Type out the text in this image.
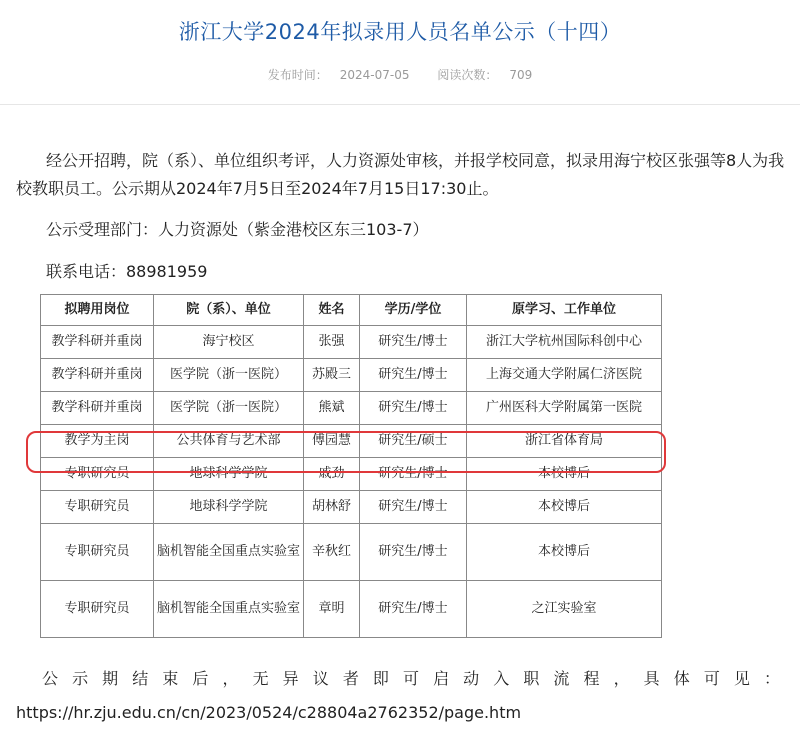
浙江大学2024年拟录用人员名单公示（十四）
发布时间： 2024-07-05 阅读次数： 709
经公开招聘，院（系）、单位组织考评，人力资源处审核，并报学校同意，拟录用海宁校区张强等8人为我校教职员工。公示期从2024年7月5日至2024年7月15日17:30止。
公示受理部门：人力资源处（紫金港校区东三103-7）
联系电话：88981959
拟聘用岗位	院（系）、单位	姓名	学历/学位	原学习、工作单位
教学科研并重岗	海宁校区	张强	研究生/博士	浙江大学杭州国际科创中心
教学科研并重岗	医学院（浙一医院）	苏殿三	研究生/博士	上海交通大学附属仁济医院
教学科研并重岗	医学院（浙一医院）	熊斌	研究生/博士	广州医科大学附属第一医院
教学为主岗	公共体育与艺术部	傅园慧	研究生/硕士	浙江省体育局
专职研究员	地球科学学院	戚劲	研究生/博士	本校博后
专职研究员	地球科学学院	胡林舒	研究生/博士	本校博后
专职研究员	脑机智能全国重点实验室	辛秋红	研究生/博士	本校博后
专职研究员	脑机智能全国重点实验室	章明	研究生/博士	之江实验室
公示期结束后，无异议者即可启动入职流程，具体可见：
https://hr.zju.edu.cn/cn/2023/0524/c28804a2762352/page.htm
